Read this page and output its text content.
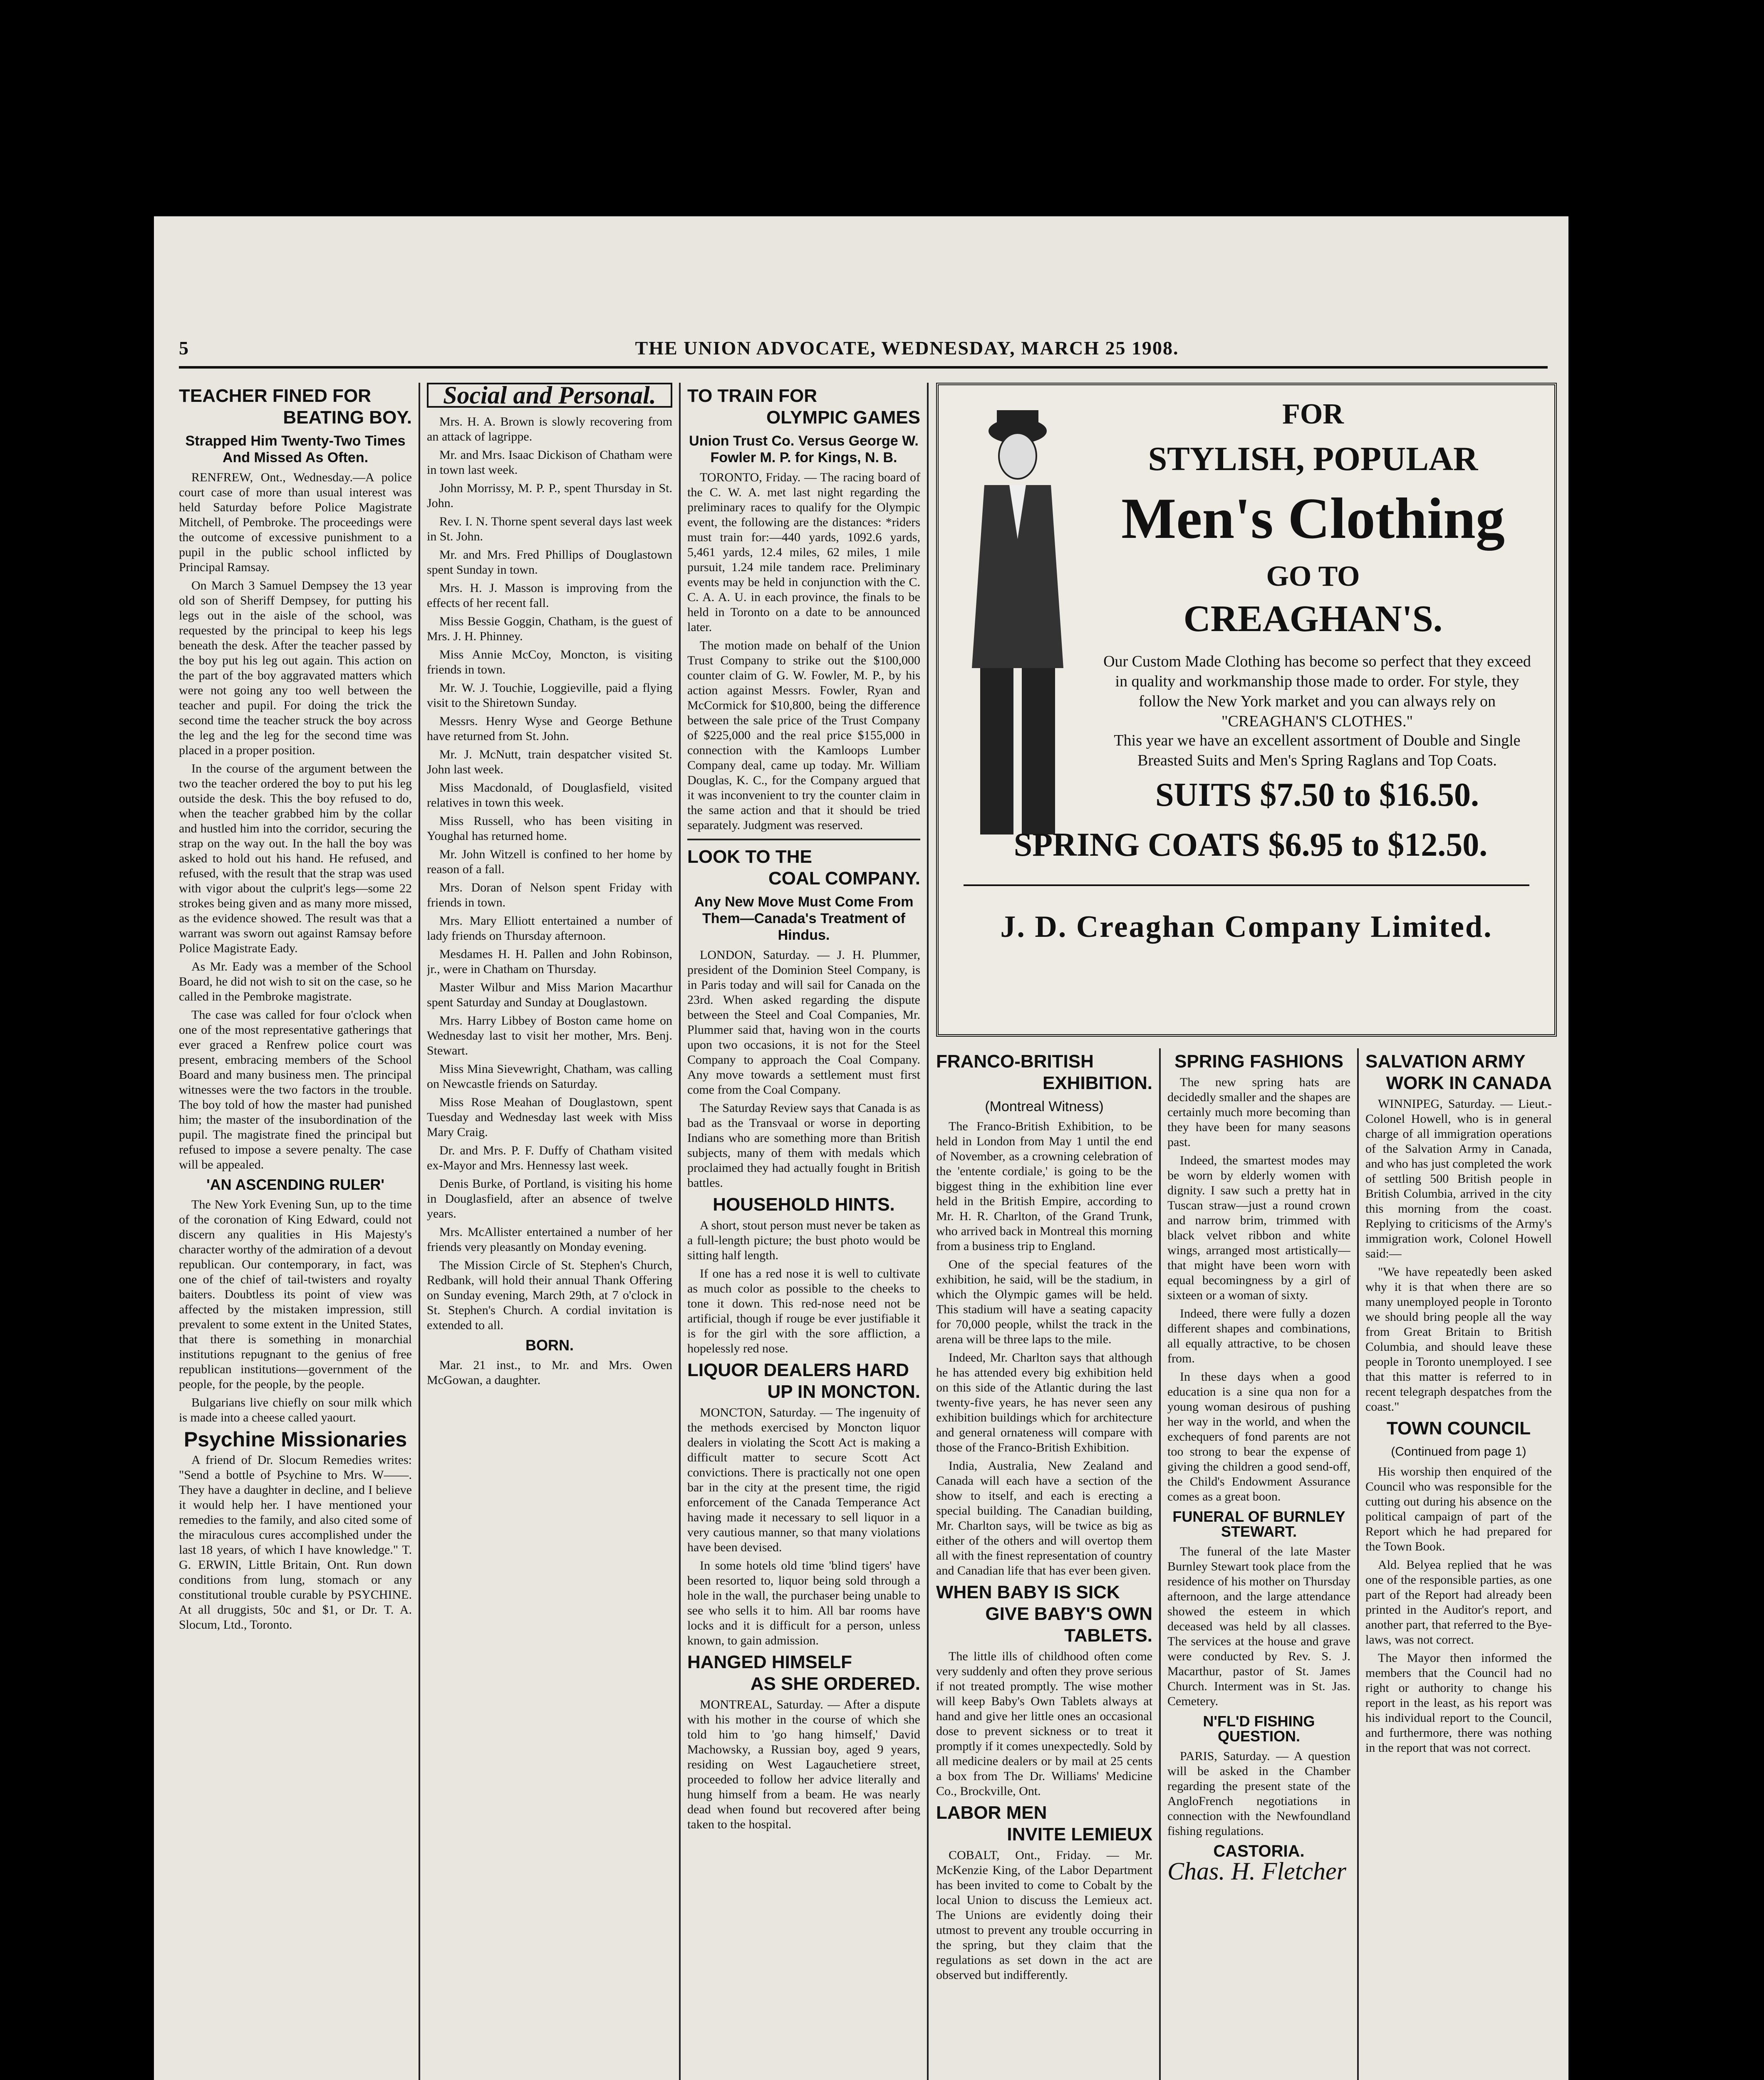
5	THE UNION ADVOCATE, WEDNESDAY, MARCH 25 1908.
TEACHER FINED FOR
BEATING BOY.
Strapped Him Twenty-Two Times And Missed As Often.

RENFREW, Ont., Wednesday.—A police court case of more than usual interest was held Saturday before Police Magistrate Mitchell, of Pembroke. The proceedings were the outcome of excessive punishment to a pupil in the public school inflicted by Principal Ramsay.

On March 3 Samuel Dempsey the 13 year old son of Sheriff Dempsey, for putting his legs out in the aisle of the school, was requested by the principal to keep his legs beneath the desk. After the teacher passed by the boy put his leg out again. This action on the part of the boy aggravated matters which were not going any too well between the teacher and pupil. For doing the trick the second time the teacher struck the boy across the leg and the leg for the second time was placed in a proper position.

In the course of the argument between the two the teacher ordered the boy to put his leg outside the desk. This the boy refused to do, when the teacher grabbed him by the collar and hustled him into the corridor, securing the strap on the way out. In the hall the boy was asked to hold out his hand. He refused, and refused, with the result that the strap was used with vigor about the culprit's legs—some 22 strokes being given and as many more missed, as the evidence showed. The result was that a warrant was sworn out against Ramsay before Police Magistrate Eady.

As Mr. Eady was a member of the School Board, he did not wish to sit on the case, so he called in the Pembroke magistrate.

The case was called for four o'clock when one of the most representative gatherings that ever graced a Renfrew police court was present, embracing members of the School Board and many business men. The principal witnesses were the two factors in the trouble. The boy told of how the master had punished him; the master of the insubordination of the pupil. The magistrate fined the principal but refused to impose a severe penalty. The case will be appealed.

'AN ASCENDING RULER'

The New York Evening Sun, up to the time of the coronation of King Edward, could not discern any qualities in His Majesty's character worthy of the admiration of a devout republican. Our contemporary, in fact, was one of the chief of tail-twisters and royalty baiters. Doubtless its point of view was affected by the mistaken impression, still prevalent to some extent in the United States, that there is something in monarchial institutions repugnant to the genius of free republican institutions—government of the people, for the people, by the people.

Bulgarians live chiefly on sour milk which is made into a cheese called yaourt.

Psychine Missionaries

A friend of Dr. Slocum Remedies writes: "Send a bottle of Psychine to Mrs. W——. They have a daughter in decline, and I believe it would help her. I have mentioned your remedies to the family, and also cited some of the miraculous cures accomplished under the last 18 years, of which I have knowledge." T. G. ERWIN, Little Britain, Ont. Run down conditions from lung, stomach or any constitutional trouble curable by PSYCHINE. At all druggists, 50c and $1, or Dr. T. A. Slocum, Ltd., Toronto.

Social and Personal.

Mrs. H. A. Brown is slowly recovering from an attack of lagrippe.

Mr. and Mrs. Isaac Dickison of Chatham were in town last week.

John Morrissy, M. P. P., spent Thursday in St. John.

Rev. I. N. Thorne spent several days last week in St. John.

Mr. and Mrs. Fred Phillips of Douglastown spent Sunday in town.

Mrs. H. J. Masson is improving from the effects of her recent fall.

Miss Bessie Goggin, Chatham, is the guest of Mrs. J. H. Phinney.

Miss Annie McCoy, Moncton, is visiting friends in town.

Mr. W. J. Touchie, Loggieville, paid a flying visit to the Shiretown Sunday.

Messrs. Henry Wyse and George Bethune have returned from St. John.

Mr. J. McNutt, train despatcher visited St. John last week.

Miss Macdonald, of Douglasfield, visited relatives in town this week.

Miss Russell, who has been visiting in Youghal has returned home.

Mr. John Witzell is confined to her home by reason of a fall.

Mrs. Doran of Nelson spent Friday with friends in town.

Mrs. Mary Elliott entertained a number of lady friends on Thursday afternoon.

Mesdames H. H. Pallen and John Robinson, jr., were in Chatham on Thursday.

Master Wilbur and Miss Marion Macarthur spent Saturday and Sunday at Douglastown.

Mrs. Harry Libbey of Boston came home on Wednesday last to visit her mother, Mrs. Benj. Stewart.

Miss Mina Sievewright, Chatham, was calling on Newcastle friends on Saturday.

Miss Rose Meahan of Douglastown, spent Tuesday and Wednesday last week with Miss Mary Craig.

Dr. and Mrs. P. F. Duffy of Chatham visited ex-Mayor and Mrs. Hennessy last week.

Denis Burke, of Portland, is visiting his home in Douglasfield, after an absence of twelve years.

Mrs. McAllister entertained a number of her friends very pleasantly on Monday evening.

The Mission Circle of St. Stephen's Church, Redbank, will hold their annual Thank Offering on Sunday evening, March 29th, at 7 o'clock in St. Stephen's Church. A cordial invitation is extended to all.

BORN.

Mar. 21 inst., to Mr. and Mrs. Owen McGowan, a daughter.

TO TRAIN FOR
OLYMPIC GAMES
Union Trust Co. Versus George W. Fowler M. P. for Kings, N. B.

TORONTO, Friday. — The racing board of the C. W. A. met last night regarding the preliminary races to qualify for the Olympic event, the following are the distances: *riders must train for:—440 yards, 1092.6 yards, 5,461 yards, 12.4 miles, 62 miles, 1 mile pursuit, 1.24 mile tandem race. Preliminary events may be held in conjunction with the C. C. A. A. U. in each province, the finals to be held in Toronto on a date to be announced later.

The motion made on behalf of the Union Trust Company to strike out the $100,000 counter claim of G. W. Fowler, M. P., by his action against Messrs. Fowler, Ryan and McCormick for $10,800, being the difference between the sale price of the Trust Company of $225,000 and the real price $155,000 in connection with the Kamloops Lumber Company deal, came up today. Mr. William Douglas, K. C., for the Company argued that it was inconvenient to try the counter claim in the same action and that it should be tried separately. Judgment was reserved.

LOOK TO THE
COAL COMPANY.
Any New Move Must Come From Them—Canada's Treatment of Hindus.

LONDON, Saturday. — J. H. Plummer, president of the Dominion Steel Company, is in Paris today and will sail for Canada on the 23rd. When asked regarding the dispute between the Steel and Coal Companies, Mr. Plummer said that, having won in the courts upon two occasions, it is not for the Steel Company to approach the Coal Company. Any move towards a settlement must first come from the Coal Company.

The Saturday Review says that Canada is as bad as the Transvaal or worse in deporting Indians who are something more than British subjects, many of them with medals which proclaimed they had actually fought in British battles.

HOUSEHOLD HINTS.

A short, stout person must never be taken as a full-length picture; the bust photo would be sitting half length.

If one has a red nose it is well to cultivate as much color as possible to the cheeks to tone it down. This red-nose need not be artificial, though if rouge be ever justifiable it is for the girl with the sore affliction, a hopelessly red nose.

LIQUOR DEALERS HARD
UP IN MONCTON.

MONCTON, Saturday. — The ingenuity of the methods exercised by Moncton liquor dealers in violating the Scott Act is making a difficult matter to secure Scott Act convictions. There is practically not one open bar in the city at the present time, the rigid enforcement of the Canada Temperance Act having made it necessary to sell liquor in a very cautious manner, so that many violations have been devised.

In some hotels old time 'blind tigers' have been resorted to, liquor being sold through a hole in the wall, the purchaser being unable to see who sells it to him. All bar rooms have locks and it is difficult for a person, unless known, to gain admission.

HANGED HIMSELF
AS SHE ORDERED.

MONTREAL, Saturday. — After a dispute with his mother in the course of which she told him to 'go hang himself,' David Machowsky, a Russian boy, aged 9 years, residing on West Lagauchetiere street, proceeded to follow her advice literally and hung himself from a beam. He was nearly dead when found but recovered after being taken to the hospital.

FOR
STYLISH, POPULAR
Men's Clothing
GO TO
CREAGHAN'S.
Our Custom Made Clothing has become so perfect that they exceed in quality and workmanship those made to order. For style, they follow the New York market and you can always rely on "CREAGHAN'S CLOTHES."
This year we have an excellent assortment of Double and Single Breasted Suits and Men's Spring Raglans and Top Coats.
SUITS $7.50 to $16.50.
SPRING COATS $6.95 to $12.50.
J. D. Creaghan Company Limited.
FRANCO-BRITISH
EXHIBITION.
(Montreal Witness)

The Franco-British Exhibition, to be held in London from May 1 until the end of November, as a crowning celebration of the 'entente cordiale,' is going to be the biggest thing in the exhibition line ever held in the British Empire, according to Mr. H. R. Charlton, of the Grand Trunk, who arrived back in Montreal this morning from a business trip to England.

One of the special features of the exhibition, he said, will be the stadium, in which the Olympic games will be held. This stadium will have a seating capacity for 70,000 people, whilst the track in the arena will be three laps to the mile.

Indeed, Mr. Charlton says that although he has attended every big exhibition held on this side of the Atlantic during the last twenty-five years, he has never seen any exhibition buildings which for architecture and general ornateness will compare with those of the Franco-British Exhibition.

India, Australia, New Zealand and Canada will each have a section of the show to itself, and each is erecting a special building. The Canadian building, Mr. Charlton says, will be twice as big as either of the others and will overtop them all with the finest representation of country and Canadian life that has ever been given.

WHEN BABY IS SICK
GIVE BABY'S OWN TABLETS.

The little ills of childhood often come very suddenly and often they prove serious if not treated promptly. The wise mother will keep Baby's Own Tablets always at hand and give her little ones an occasional dose to prevent sickness or to treat it promptly if it comes unexpectedly. Sold by all medicine dealers or by mail at 25 cents a box from The Dr. Williams' Medicine Co., Brockville, Ont.

LABOR MEN
INVITE LEMIEUX

COBALT, Ont., Friday. — Mr. McKenzie King, of the Labor Department has been invited to come to Cobalt by the local Union to discuss the Lemieux act. The Unions are evidently doing their utmost to prevent any trouble occurring in the spring, but they claim that the regulations as set down in the act are observed but indifferently.

SPRING FASHIONS

The new spring hats are decidedly smaller and the shapes are certainly much more becoming than they have been for many seasons past.

Indeed, the smartest modes may be worn by elderly women with dignity. I saw such a pretty hat in Tuscan straw—just a round crown and narrow brim, trimmed with black velvet ribbon and white wings, arranged most artistically—that might have been worn with equal becomingness by a girl of sixteen or a woman of sixty.

Indeed, there were fully a dozen different shapes and combinations, all equally attractive, to be chosen from.

In these days when a good education is a sine qua non for a young woman desirous of pushing her way in the world, and when the exchequers of fond parents are not too strong to bear the expense of giving the children a good send-off, the Child's Endowment Assurance comes as a great boon.

FUNERAL OF BURNLEY STEWART.

The funeral of the late Master Burnley Stewart took place from the residence of his mother on Thursday afternoon, and the large attendance showed the esteem in which deceased was held by all classes. The services at the house and grave were conducted by Rev. S. J. Macarthur, pastor of St. James Church. Interment was in St. Jas. Cemetery.

N'FL'D FISHING QUESTION.

PARIS, Saturday. — A question will be asked in the Chamber regarding the present state of the AngloFrench negotiations in connection with the Newfoundland fishing regulations.

CASTORIA.
Chas. H. Fletcher
SALVATION ARMY
WORK IN CANADA

WINNIPEG, Saturday. — Lieut.-Colonel Howell, who is in general charge of all immigration operations of the Salvation Army in Canada, and who has just completed the work of settling 500 British people in British Columbia, arrived in the city this morning from the coast. Replying to criticisms of the Army's immigration work, Colonel Howell said:—

"We have repeatedly been asked why it is that when there are so many unemployed people in Toronto we should bring people all the way from Great Britain to British Columbia, and should leave these people in Toronto unemployed. I see that this matter is referred to in recent telegraph despatches from the coast."

TOWN COUNCIL
(Continued from page 1)

His worship then enquired of the Council who was responsible for the cutting out during his absence on the political campaign of part of the Report which he had prepared for the Town Book.

Ald. Belyea replied that he was one of the responsible parties, as one part of the Report had already been printed in the Auditor's report, and another part, that referred to the Bye-laws, was not correct.

The Mayor then informed the members that the Council had no right or authority to change his report in the least, as his report was his individual report to the Council, and furthermore, there was nothing in the report that was not correct.
